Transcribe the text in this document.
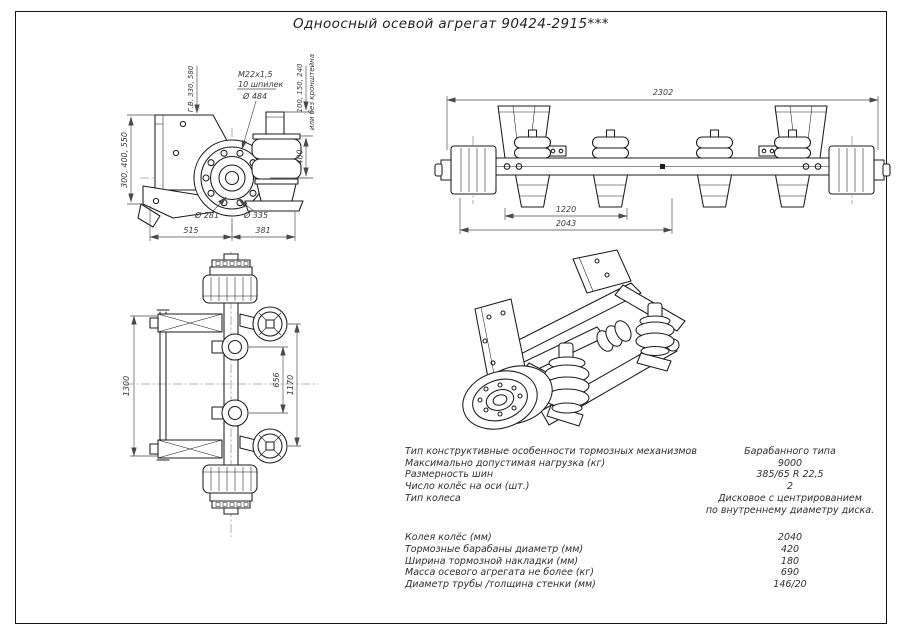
Одноосный осевой агрегат 90424-2915***
300, 400, 550
Г.В. 330, 580	100, 150, 240 или без кронштейна
400
М22х1,5
10 шпилек
Ø 484
Ø 281	Ø 335
515	381
2302
1220
2043
1300	656 1170
Тип конструктивные особенности тормозных механизмов	Барабанного типа
Максимально допустимая нагрузка (кг)	9000
Размерность шин	385/65 R 22,5
Число колёс на оси (шт.)	2
Тип колеса	Дисковое с центрированием
по внутреннему диаметру диска.
Колея колёс (мм)	2040
Тормозные барабаны диаметр (мм)	420
Ширина тормозной накладки (мм)	180
Масса осевого агрегата не более (кг)	690
Диаметр трубы /толщина стенки (мм)	146/20
